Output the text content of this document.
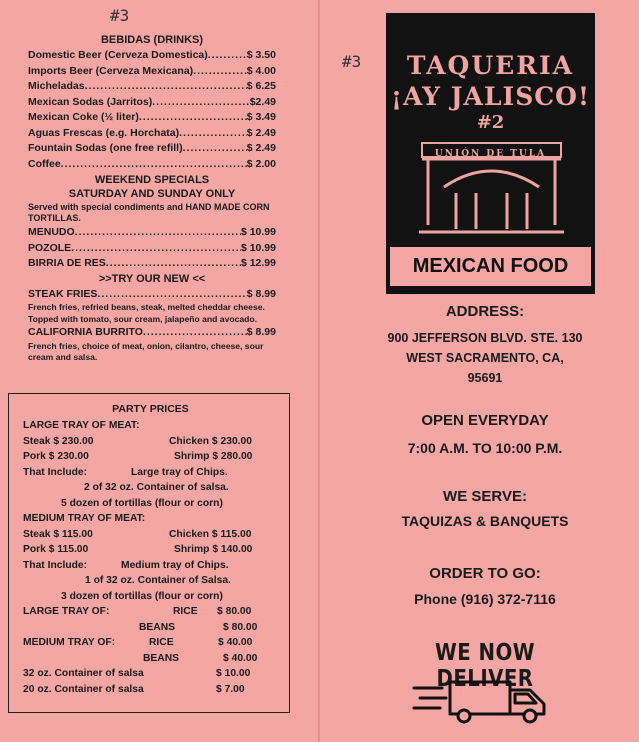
#3
#3
BEBIDAS (DRINKS)
Domestic Beer (Cerveza Domestica) .....	$ 3.50
Imports Beer (Cerveza Mexicana) .....	$ 4.00
Micheladas .....	$ 6.25
Mexican Sodas (Jarritos) .....	$2.49
Mexican Coke (½ liter) .....	$ 3.49
Aguas Frescas (e.g. Horchata) .....	$ 2.49
Fountain Sodas (one free refill) .....	$ 2.49
Coffee .....	$ 2.00
WEEKEND SPECIALS
SATURDAY AND SUNDAY ONLY
Served with special condiments and HAND MADE CORN TORTILLAS.
MENUDO .....	$ 10.99
POZOLE .....	$ 10.99
BIRRIA DE RES .....	$ 12.99
>>TRY OUR NEW <<
STEAK FRIES .....	$ 8.99
French fries, refried beans, steak, melted cheddar cheese. Topped with tomato, sour cream, jalapeño and avocado.
CALIFORNIA BURRITO .....	$ 8.99
French fries, choice of meat, onion, cilantro, cheese, sour cream and salsa.
PARTY PRICES
LARGE TRAY OF MEAT:
Steak $ 230.00	Chicken $ 230.00
Pork $ 230.00	Shrimp $ 280.00
That Include:	Large tray of Chips.
2 of 32 oz. Container of salsa.
5 dozen of tortillas (flour or corn)
MEDIUM TRAY OF MEAT:
Steak $ 115.00	Chicken $ 115.00
Pork $ 115.00	Shrimp $ 140.00
That Include:	Medium tray of Chips.
1 of 32 oz. Container of Salsa.
3 dozen of tortillas (flour or corn)
LARGE TRAY OF:	RICE $ 80.00
BEANS	$ 80.00
MEDIUM TRAY OF:	RICE	$ 40.00
BEANS	$ 40.00
32 oz. Container of salsa	$ 10.00
20 oz. Container of salsa	$ 7.00
TAQUERIA
¡AY JALISCO!
#2
UNIÓN DE TULA
MEXICAN FOOD
ADDRESS:
900 JEFFERSON BLVD. STE. 130
WEST SACRAMENTO, CA,
95691
OPEN EVERYDAY
7:00 A.M. TO 10:00 P.M.
WE SERVE:
TAQUIZAS & BANQUETS
ORDER TO GO:
Phone (916) 372-7116
WE NOW DELIVER
